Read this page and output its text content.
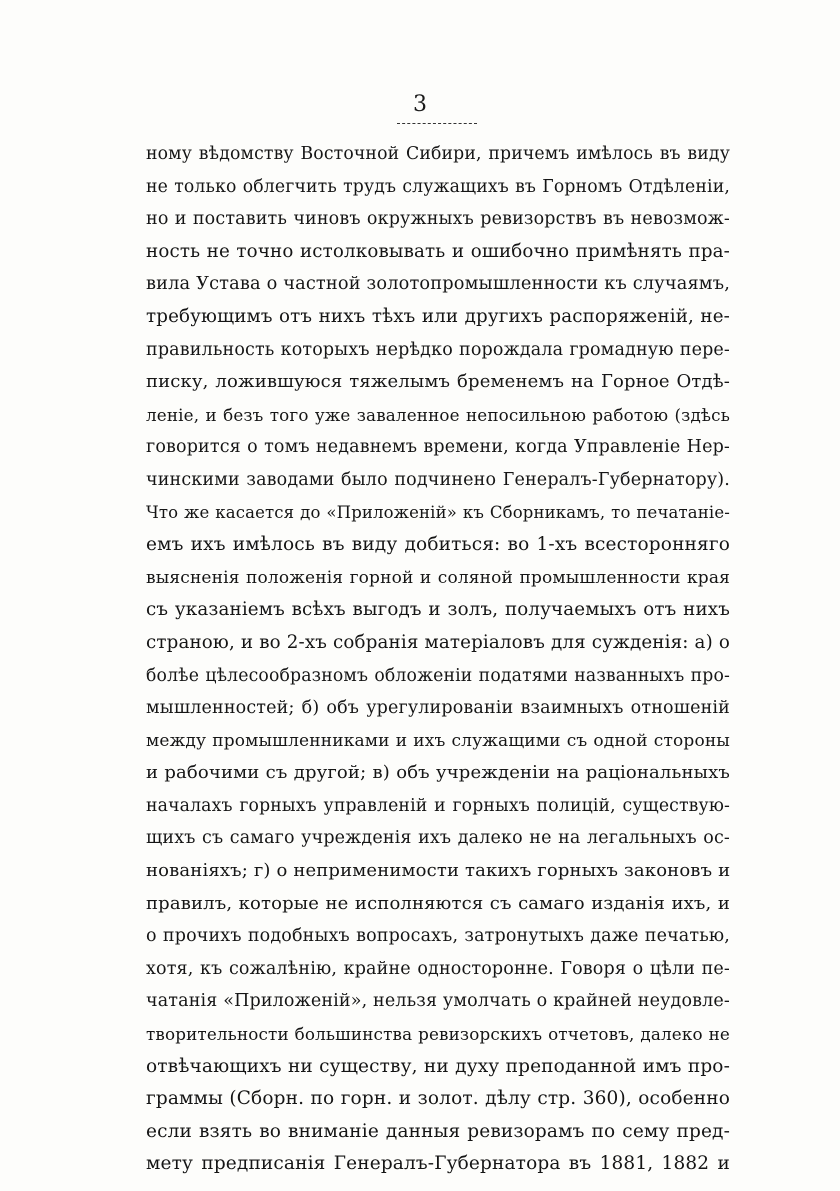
3
ному вѣдомству Восточной Сибири, причемъ имѣлось въ виду
не только облегчить трудъ служащихъ въ Горномъ Отдѣленіи,
но и поставить чиновъ окружныхъ ревизорствъ въ невозмож-
ность не точно истолковывать и ошибочно примѣнять пра-
вила Устава о частной золотопромышленности къ случаямъ,
требующимъ отъ нихъ тѣхъ или другихъ распоряженій, не-
правильность которыхъ нерѣдко порождала громадную пере-
писку, ложившуюся тяжелымъ бременемъ на Горное Отдѣ-
леніе, и безъ того уже заваленное непосильною работою (здѣсь
говорится о томъ недавнемъ времени, когда Управленіе Нер-
чинскими заводами было подчинено Генералъ-Губернатору).
Что же касается до «Приложеній» къ Сборникамъ, то печатаніе-
емъ ихъ имѣлось въ виду добиться: во 1-хъ всесторонняго
выясненія положенія горной и соляной промышленности края
съ указаніемъ всѣхъ выгодъ и золъ, получаемыхъ отъ нихъ
страною, и во 2-хъ собранія матеріаловъ для сужденія: а) о
болѣе цѣлесообразномъ обложеніи податями названныхъ про-
мышленностей; б) объ урегулированіи взаимныхъ отношеній
между промышленниками и ихъ служащими съ одной стороны
и рабочими съ другой; в) объ учрежденіи на раціональныхъ
началахъ горныхъ управленій и горныхъ полицій, существую-
щихъ съ самаго учрежденія ихъ далеко не на легальныхъ ос-
нованіяхъ; г) о неприменимости такихъ горныхъ законовъ и
правилъ, которые не исполняются съ самаго изданія ихъ, и
о прочихъ подобныхъ вопросахъ, затронутыхъ даже печатью,
хотя, къ сожалѣнію, крайне односторонне. Говоря о цѣли пе-
чатанія «Приложеній», нельзя умолчать о крайней неудовле-
творительности большинства ревизорскихъ отчетовъ, далеко не
отвѣчающихъ ни существу, ни духу преподанной имъ про-
граммы (Сборн. по горн. и золот. дѣлу стр. 360), особенно
если взять во вниманіе данныя ревизорамъ по сему пред-
мету предписанія Генералъ-Губернатора въ 1881, 1882 и
